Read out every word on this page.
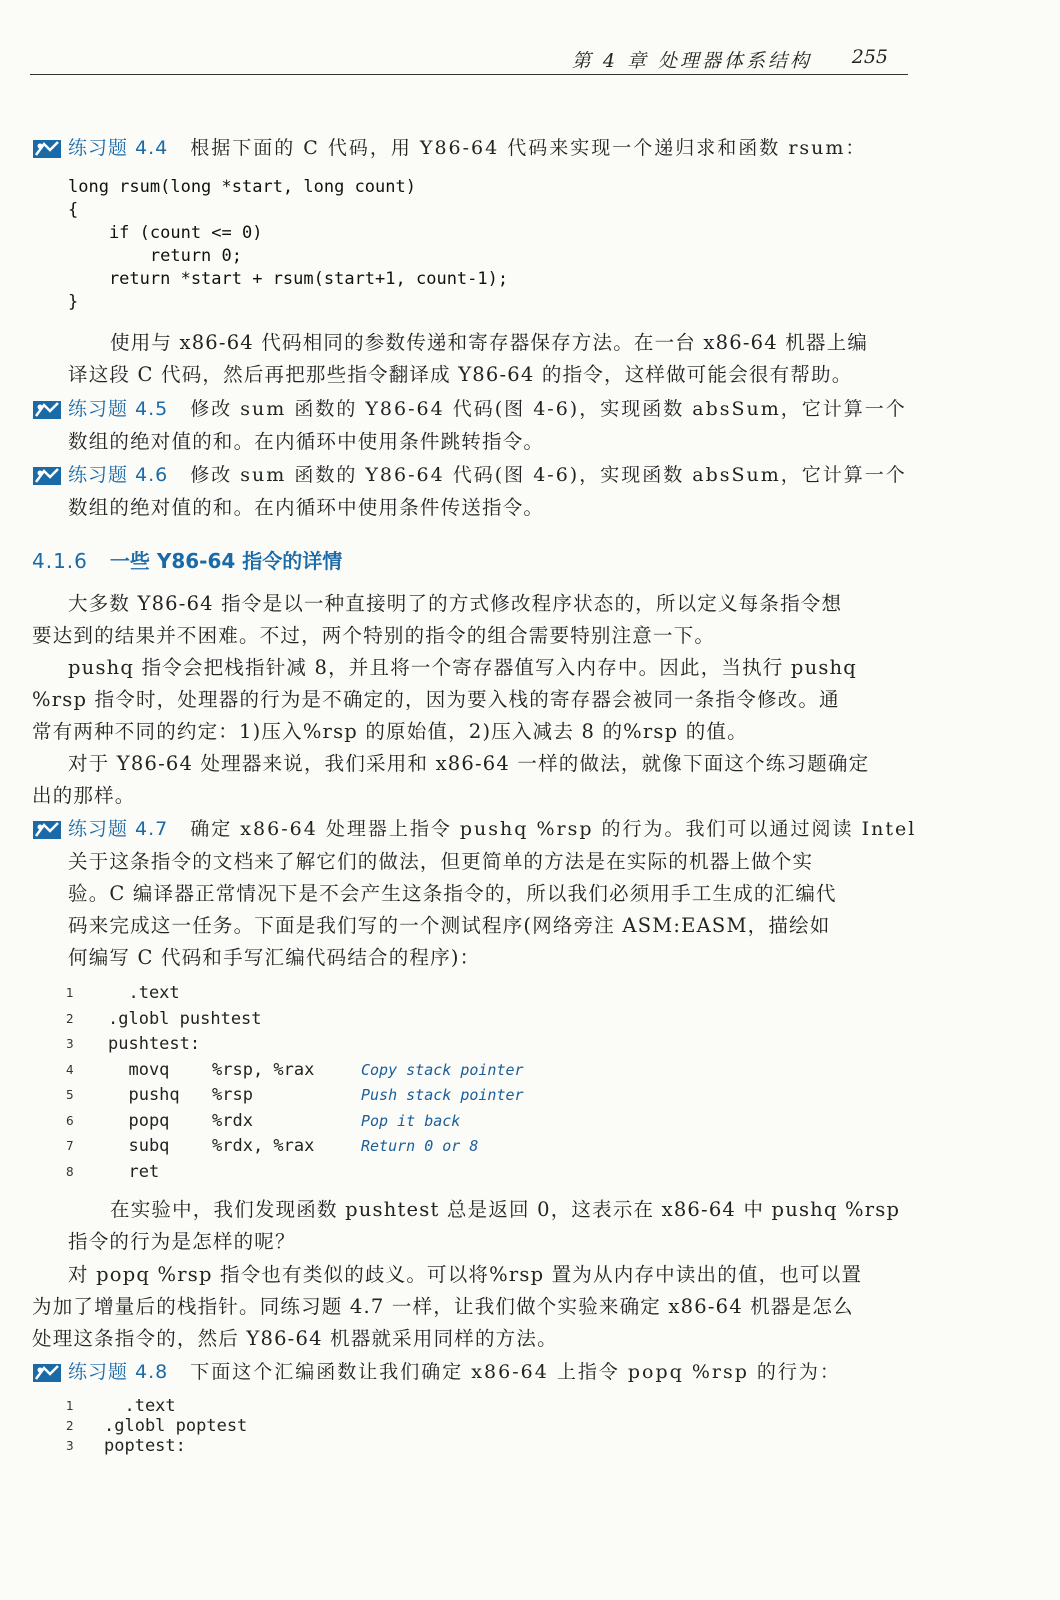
第 4 章 处理器体系结构 255
练习题 4.4 根据下面的 C 代码，用 Y86-64 代码来实现一个递归求和函数 rsum：
long rsum(long *start, long count)
{
if (count <= 0)
return 0;
return *start + rsum(start+1, count-1);
}
使用与 x86-64 代码相同的参数传递和寄存器保存方法。在一台 x86-64 机器上编
译这段 C 代码，然后再把那些指令翻译成 Y86-64 的指令，这样做可能会很有帮助。
练习题 4.5 修改 sum 函数的 Y86-64 代码(图 4-6)，实现函数 absSum，它计算一个
数组的绝对值的和。在内循环中使用条件跳转指令。
练习题 4.6 修改 sum 函数的 Y86-64 代码(图 4-6)，实现函数 absSum，它计算一个
数组的绝对值的和。在内循环中使用条件传送指令。
4.1.6 一些 Y86-64 指令的详情
大多数 Y86-64 指令是以一种直接明了的方式修改程序状态的，所以定义每条指令想
要达到的结果并不困难。不过，两个特别的指令的组合需要特别注意一下。
pushq 指令会把栈指针减 8，并且将一个寄存器值写入内存中。因此，当执行 pushq
%rsp 指令时，处理器的行为是不确定的，因为要入栈的寄存器会被同一条指令修改。通
常有两种不同的约定：1)压入%rsp 的原始值，2)压入减去 8 的%rsp 的值。
对于 Y86-64 处理器来说，我们采用和 x86-64 一样的做法，就像下面这个练习题确定
出的那样。
练习题 4.7 确定 x86-64 处理器上指令 pushq %rsp 的行为。我们可以通过阅读 Intel
关于这条指令的文档来了解它们的做法，但更简单的方法是在实际的机器上做个实
验。C 编译器正常情况下是不会产生这条指令的，所以我们必须用手工生成的汇编代
码来完成这一任务。下面是我们写的一个测试程序(网络旁注 ASM:EASM，描绘如
何编写 C 代码和手写汇编代码结合的程序)：
1	.text
2	.globl pushtest
3	pushtest:
4	movq	%rsp, %rax	Copy stack pointer
5	pushq %rsp	Push stack pointer
6	popq	%rdx	Pop it back
7	subq	%rdx, %rax	Return 0 or 8
8	ret
在实验中，我们发现函数 pushtest 总是返回 0，这表示在 x86-64 中 pushq %rsp
指令的行为是怎样的呢？
对 popq %rsp 指令也有类似的歧义。可以将%rsp 置为从内存中读出的值，也可以置
为加了增量后的栈指针。同练习题 4.7 一样，让我们做个实验来确定 x86-64 机器是怎么
处理这条指令的，然后 Y86-64 机器就采用同样的方法。
练习题 4.8 下面这个汇编函数让我们确定 x86-64 上指令 popq %rsp 的行为：
1	.text
2	.globl poptest
3	poptest:
